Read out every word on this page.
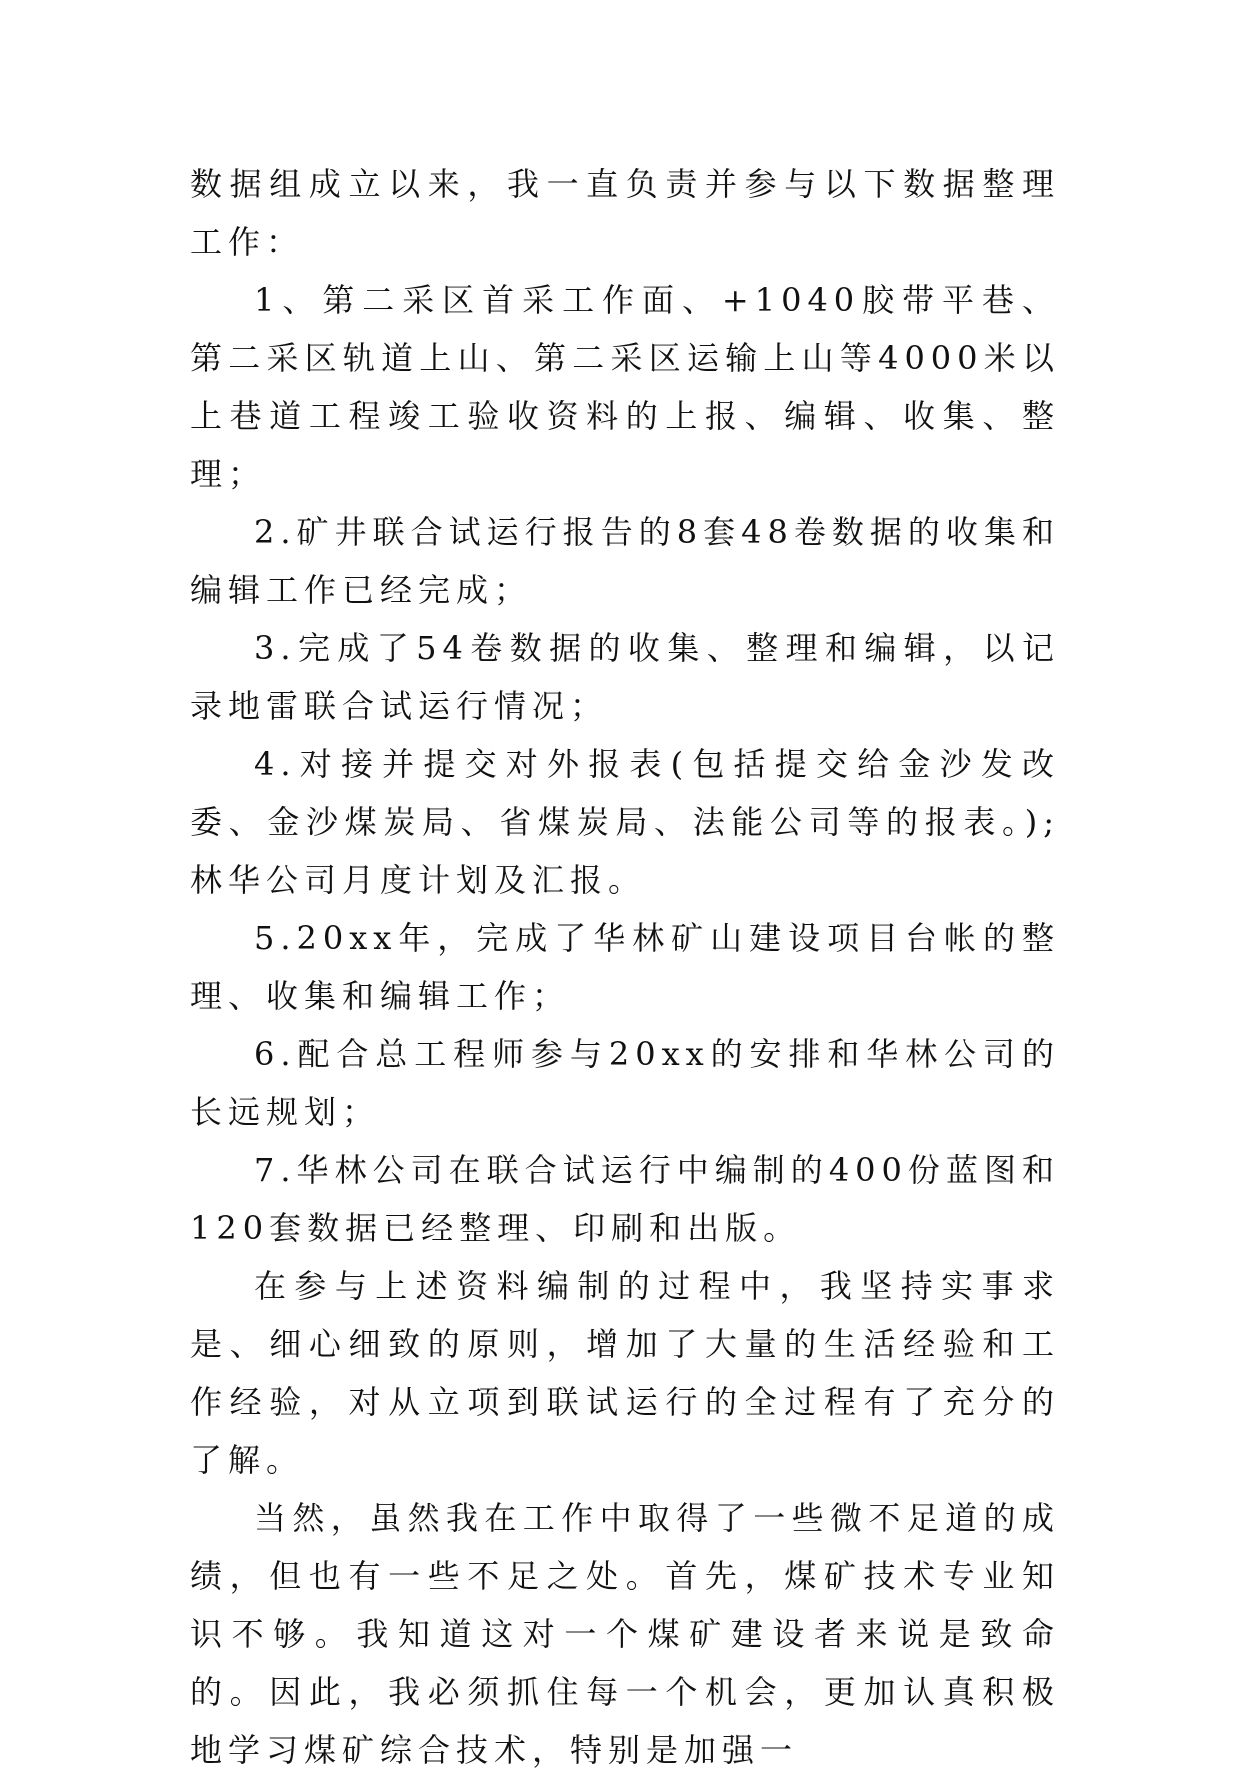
数据组成立以来，我一直负责并参与以下数据整理工作：

1、第二采区首采工作面、+1040胶带平巷、第二采区轨道上山、第二采区运输上山等4000米以上巷道工程竣工验收资料的上报、编辑、收集、整理；

2.矿井联合试运行报告的8套48卷数据的收集和编辑工作已经完成；

3.完成了54卷数据的收集、整理和编辑，以记录地雷联合试运行情况；

4.对接并提交对外报表(包括提交给金沙发改委、金沙煤炭局、省煤炭局、法能公司等的报表。);林华公司月度计划及汇报。

5.20xx年，完成了华林矿山建设项目台帐的整理、收集和编辑工作；

6.配合总工程师参与20xx的安排和华林公司的长远规划；

7.华林公司在联合试运行中编制的400份蓝图和120套数据已经整理、印刷和出版。

在参与上述资料编制的过程中，我坚持实事求是、细心细致的原则，增加了大量的生活经验和工作经验，对从立项到联试运行的全过程有了充分的了解。

当然，虽然我在工作中取得了一些微不足道的成绩，但也有一些不足之处。首先，煤矿技术专业知识不够。我知道这对一个煤矿建设者来说是致命的。因此，我必须抓住每一个机会，更加认真积极地学习煤矿综合技术，特别是加强一
